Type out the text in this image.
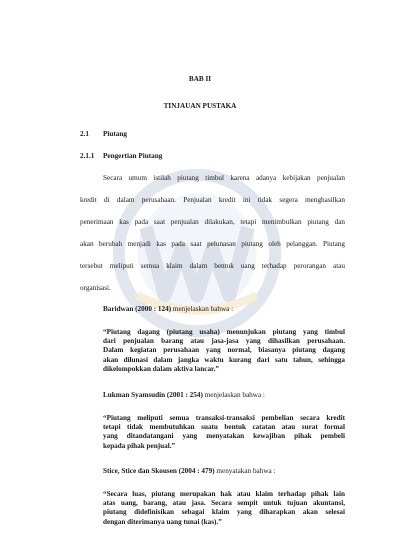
BAB II
TINJAUAN PUSTAKA
2.1 Piutang
2.1.1 Pengertian Piutang
Secara umum istilah piutang timbul karena adanya kebijakan penjualan
kredit di dalam perusahaan. Penjualan kredit ini tidak segera menghasilkan
penerimaan kas pada saat penjualan dilakukan, tetapi menimbulkan piutang dan
akan berubah menjadi kas pada saat pelunasan piutang oleh pelanggan. Piutang
tersebut meliputi semua klaim dalam bentuk uang terhadap perorangan atau
organisasi.
Baridwan (2000 : 124) menjelaskan bahwa :
“Piutang dagang (piutang usaha) menunjukan piutang yang timbul
dari penjualan barang atau jasa-jasa yang dihasilkan perusahaan.
Dalam kegiatan perusahaan yang normal, biasanya piutang dagang
akan dilunasi dalam jangka waktu kurang dari satu tahun, sehingga
dikelompokkan dalam aktiva lancar.”
Lukman Syamsudin (2001 : 254) menjelaskan bahwa :
“Piutang meliputi semua transaksi-transaksi pembelian secara kredit
tetapi tidak membutuhkan suatu bentuk catatan atau surat formal
yang ditandatangani yang menyatakan kewajiban pihak pembeli
kepada pihak penjual.”
Stice, Stice dan Skousen (2004 : 479) menyatakan bahwa :
“Secara luas, piutang merupakan hak atau klaim terhadap pihak lain
atas uang, barang, atau jasa. Secara sempit untuk tujuan akuntansi,
piutang didefinisikan sebagai klaim yang diharapkan akan selesai
dengan diterimanya uang tunai (kas).”
